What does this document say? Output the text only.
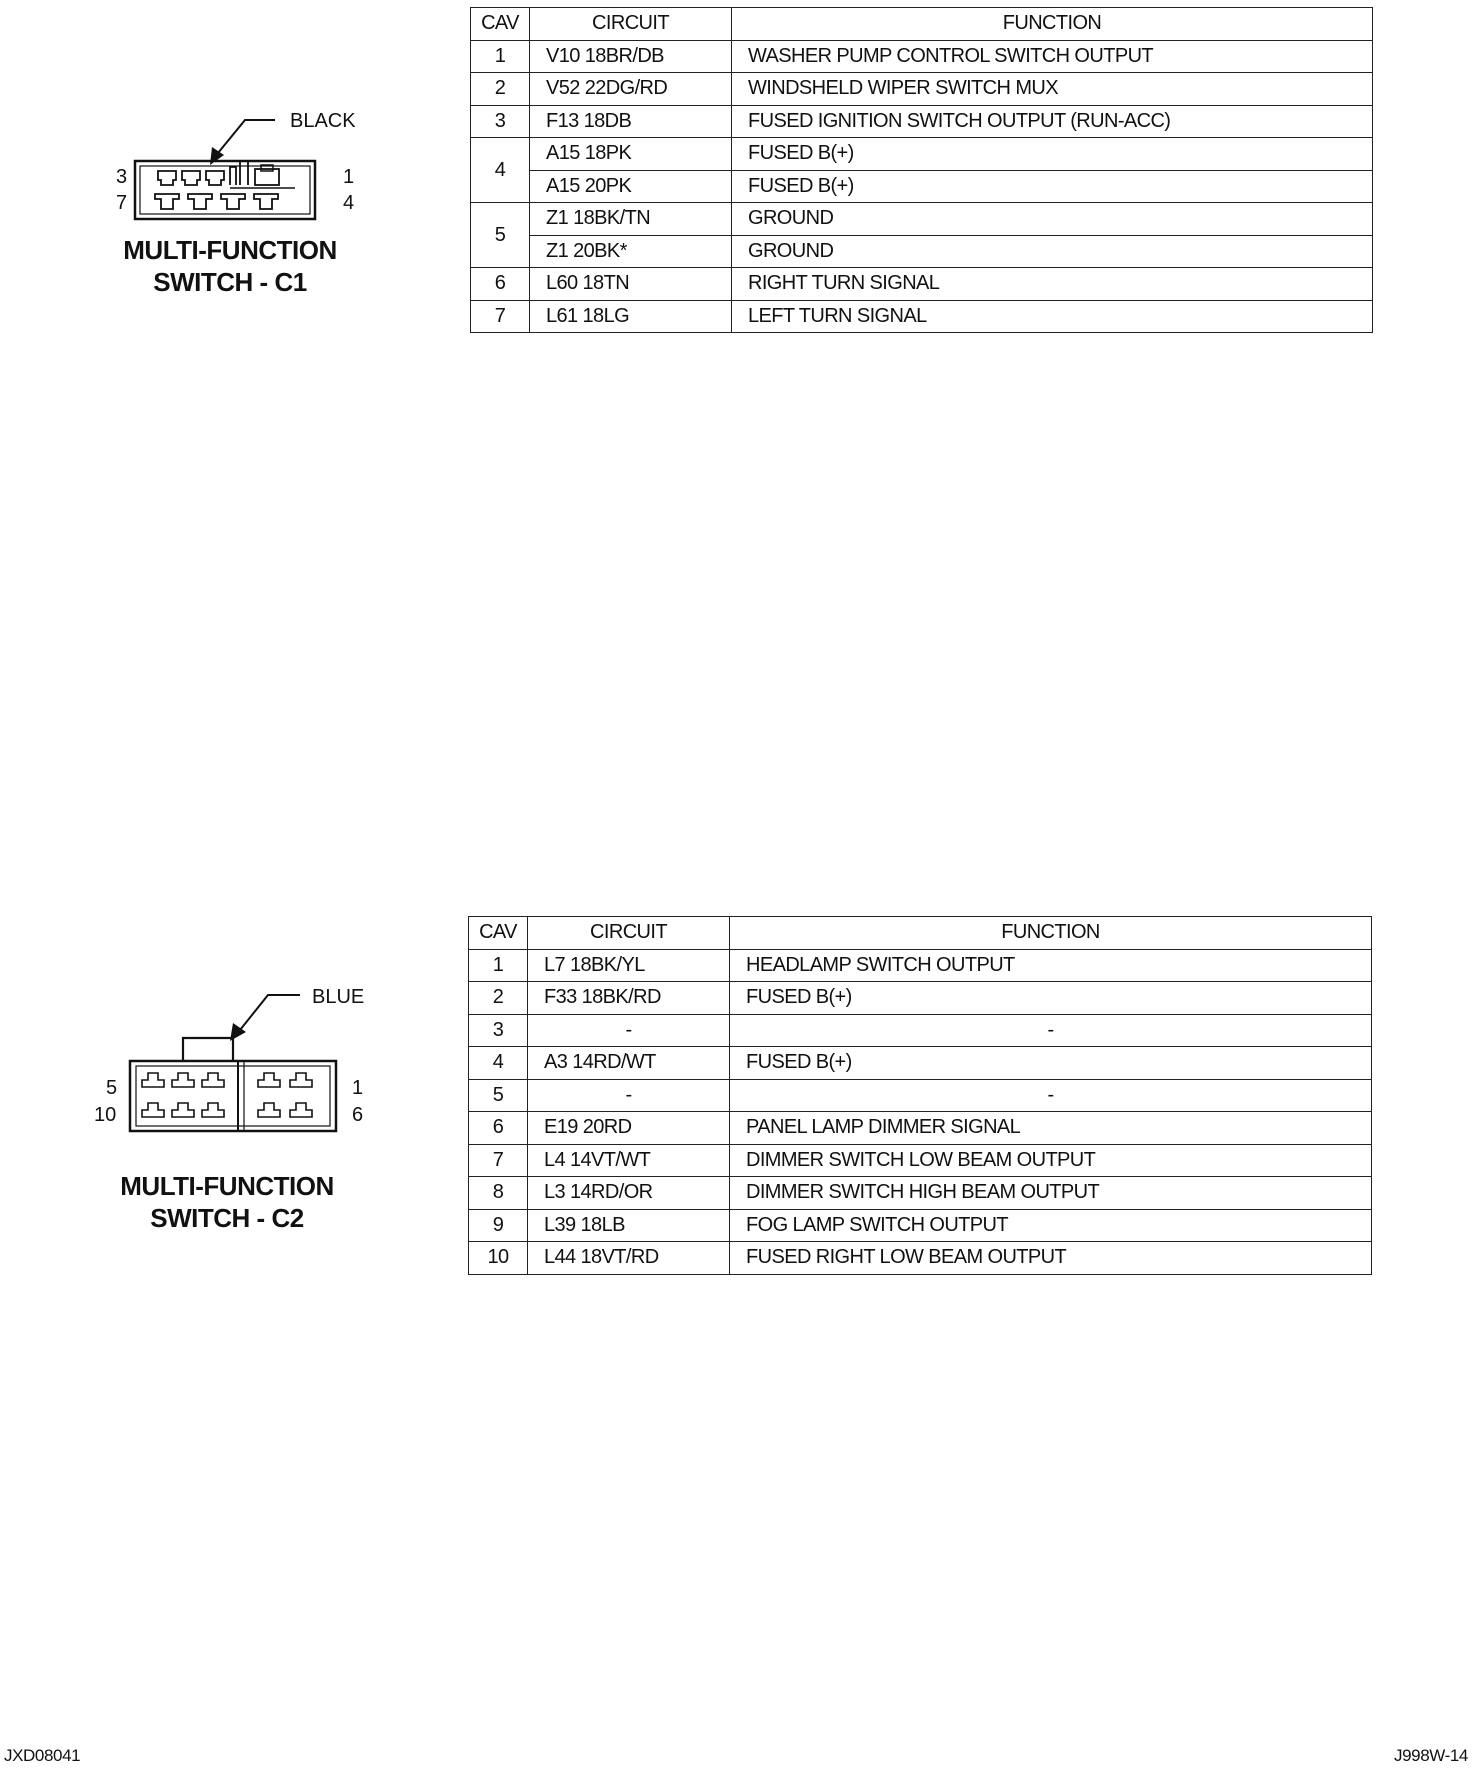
BLACK
3
7
1
4
MULTI-FUNCTION
SWITCH - C1
CAV	CIRCUIT	FUNCTION
1	V10 18BR/DB	WASHER PUMP CONTROL SWITCH OUTPUT
2	V52 22DG/RD	WINDSHELD WIPER SWITCH MUX
3	F13 18DB	FUSED IGNITION SWITCH OUTPUT (RUN-ACC)
4	A15 18PK	FUSED B(+)
	A15 20PK	FUSED B(+)
5	Z1 18BK/TN	GROUND
	Z1 20BK*	GROUND
6	L60 18TN	RIGHT TURN SIGNAL
7	L61 18LG	LEFT TURN SIGNAL
BLUE
5
10
1
6
MULTI-FUNCTION
SWITCH - C2
CAV	CIRCUIT	FUNCTION
1	L7 18BK/YL	HEADLAMP SWITCH OUTPUT
2	F33 18BK/RD	FUSED B(+)
3	-	-
4	A3 14RD/WT	FUSED B(+)
5	-	-
6	E19 20RD	PANEL LAMP DIMMER SIGNAL
7	L4 14VT/WT	DIMMER SWITCH LOW BEAM OUTPUT
8	L3 14RD/OR	DIMMER SWITCH HIGH BEAM OUTPUT
9	L39 18LB	FOG LAMP SWITCH OUTPUT
10	L44 18VT/RD	FUSED RIGHT LOW BEAM OUTPUT
JXD08041	J998W-14
